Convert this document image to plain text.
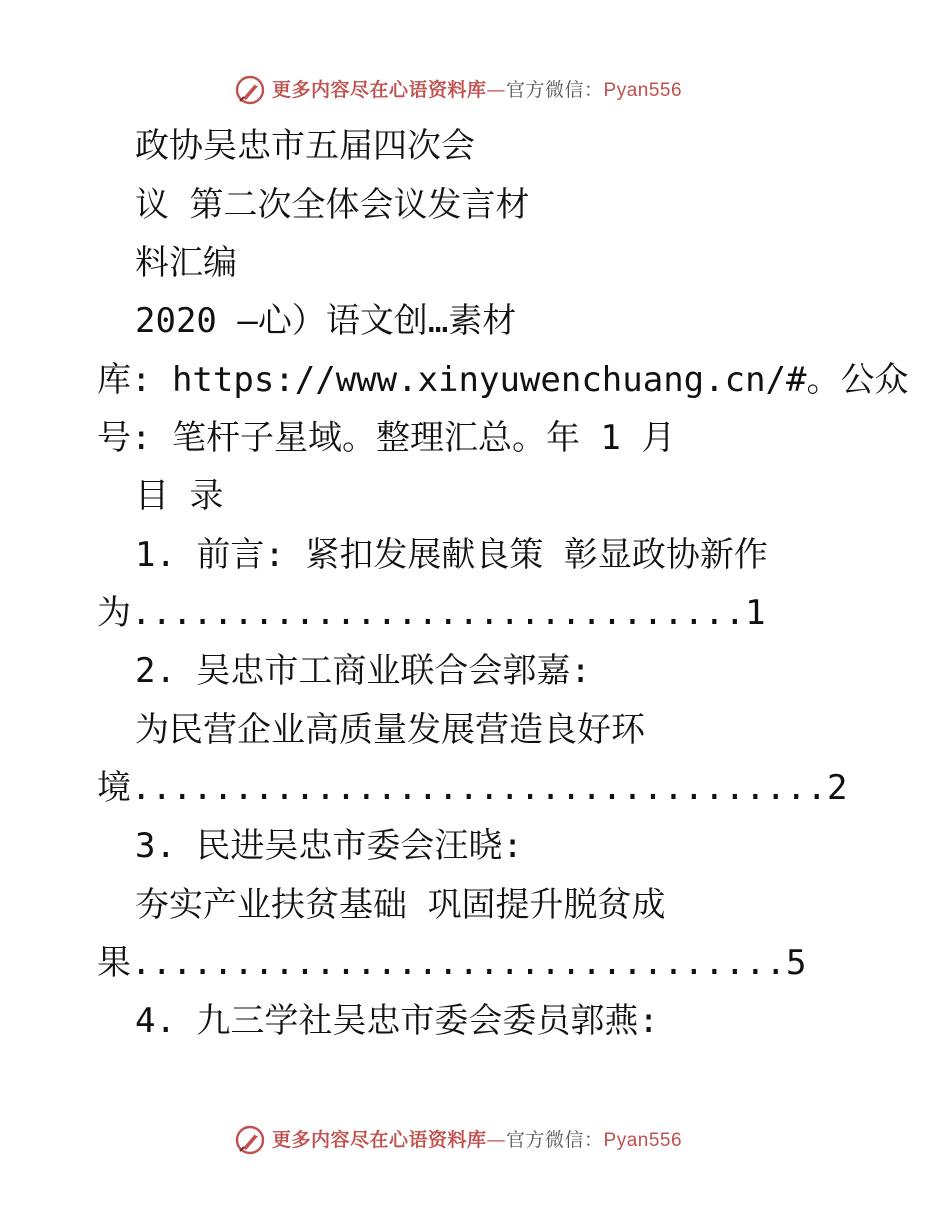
更多内容尽在心语资料库—官方微信：Pyan556
政协吴忠市五届四次会
议 第二次全体会议发言材
料汇编
2020 —心）语文创…素材
库: https://www.xinyuwenchuang.cn/#。公众
号: 笔杆子星域。整理汇总。年 1 月
目 录
1. 前言: 紧扣发展献良策 彰显政协新作
为..............................1
2. 吴忠市工商业联合会郭嘉:
为民营企业高质量发展营造良好环
境..................................2
3. 民进吴忠市委会汪晓:
夯实产业扶贫基础 巩固提升脱贫成
果................................5
4. 九三学社吴忠市委会委员郭燕:
更多内容尽在心语资料库—官方微信：Pyan556
